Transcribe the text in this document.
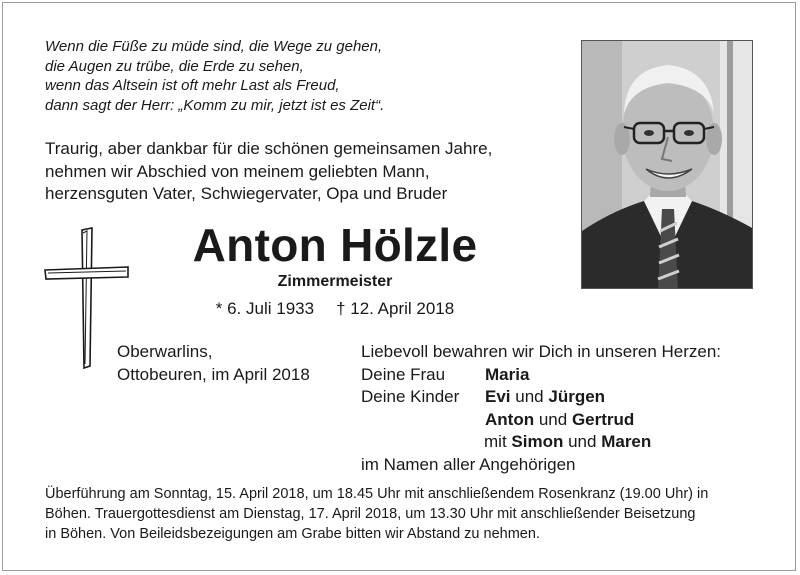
Wenn die Füße zu müde sind, die Wege zu gehen,
die Augen zu trübe, die Erde zu sehen,
wenn das Altsein ist oft mehr Last als Freud,
dann sagt der Herr: „Komm zu mir, jetzt ist es Zeit“.
Traurig, aber dankbar für die schönen gemeinsamen Jahre,
nehmen wir Abschied von meinem geliebten Mann,
herzensguten Vater, Schwiegervater, Opa und Bruder
Anton Hölzle
Zimmermeister
* 6. Juli 1933 † 12. April 2018
Oberwarlins,
Ottobeuren, im April 2018
Liebevoll bewahren wir Dich in unseren Herzen:
Deine Frau Maria
Deine Kinder Evi und Jürgen
Anton und Gertrud
mit Simon und Maren
im Namen aller Angehörigen
Überführung am Sonntag, 15. April 2018, um 18.45 Uhr mit anschließendem Rosenkranz (19.00 Uhr) in
Böhen. Trauergottesdienst am Dienstag, 17. April 2018, um 13.30 Uhr mit anschließender Beisetzung
in Böhen. Von Beileidsbezeigungen am Grabe bitten wir Abstand zu nehmen.
